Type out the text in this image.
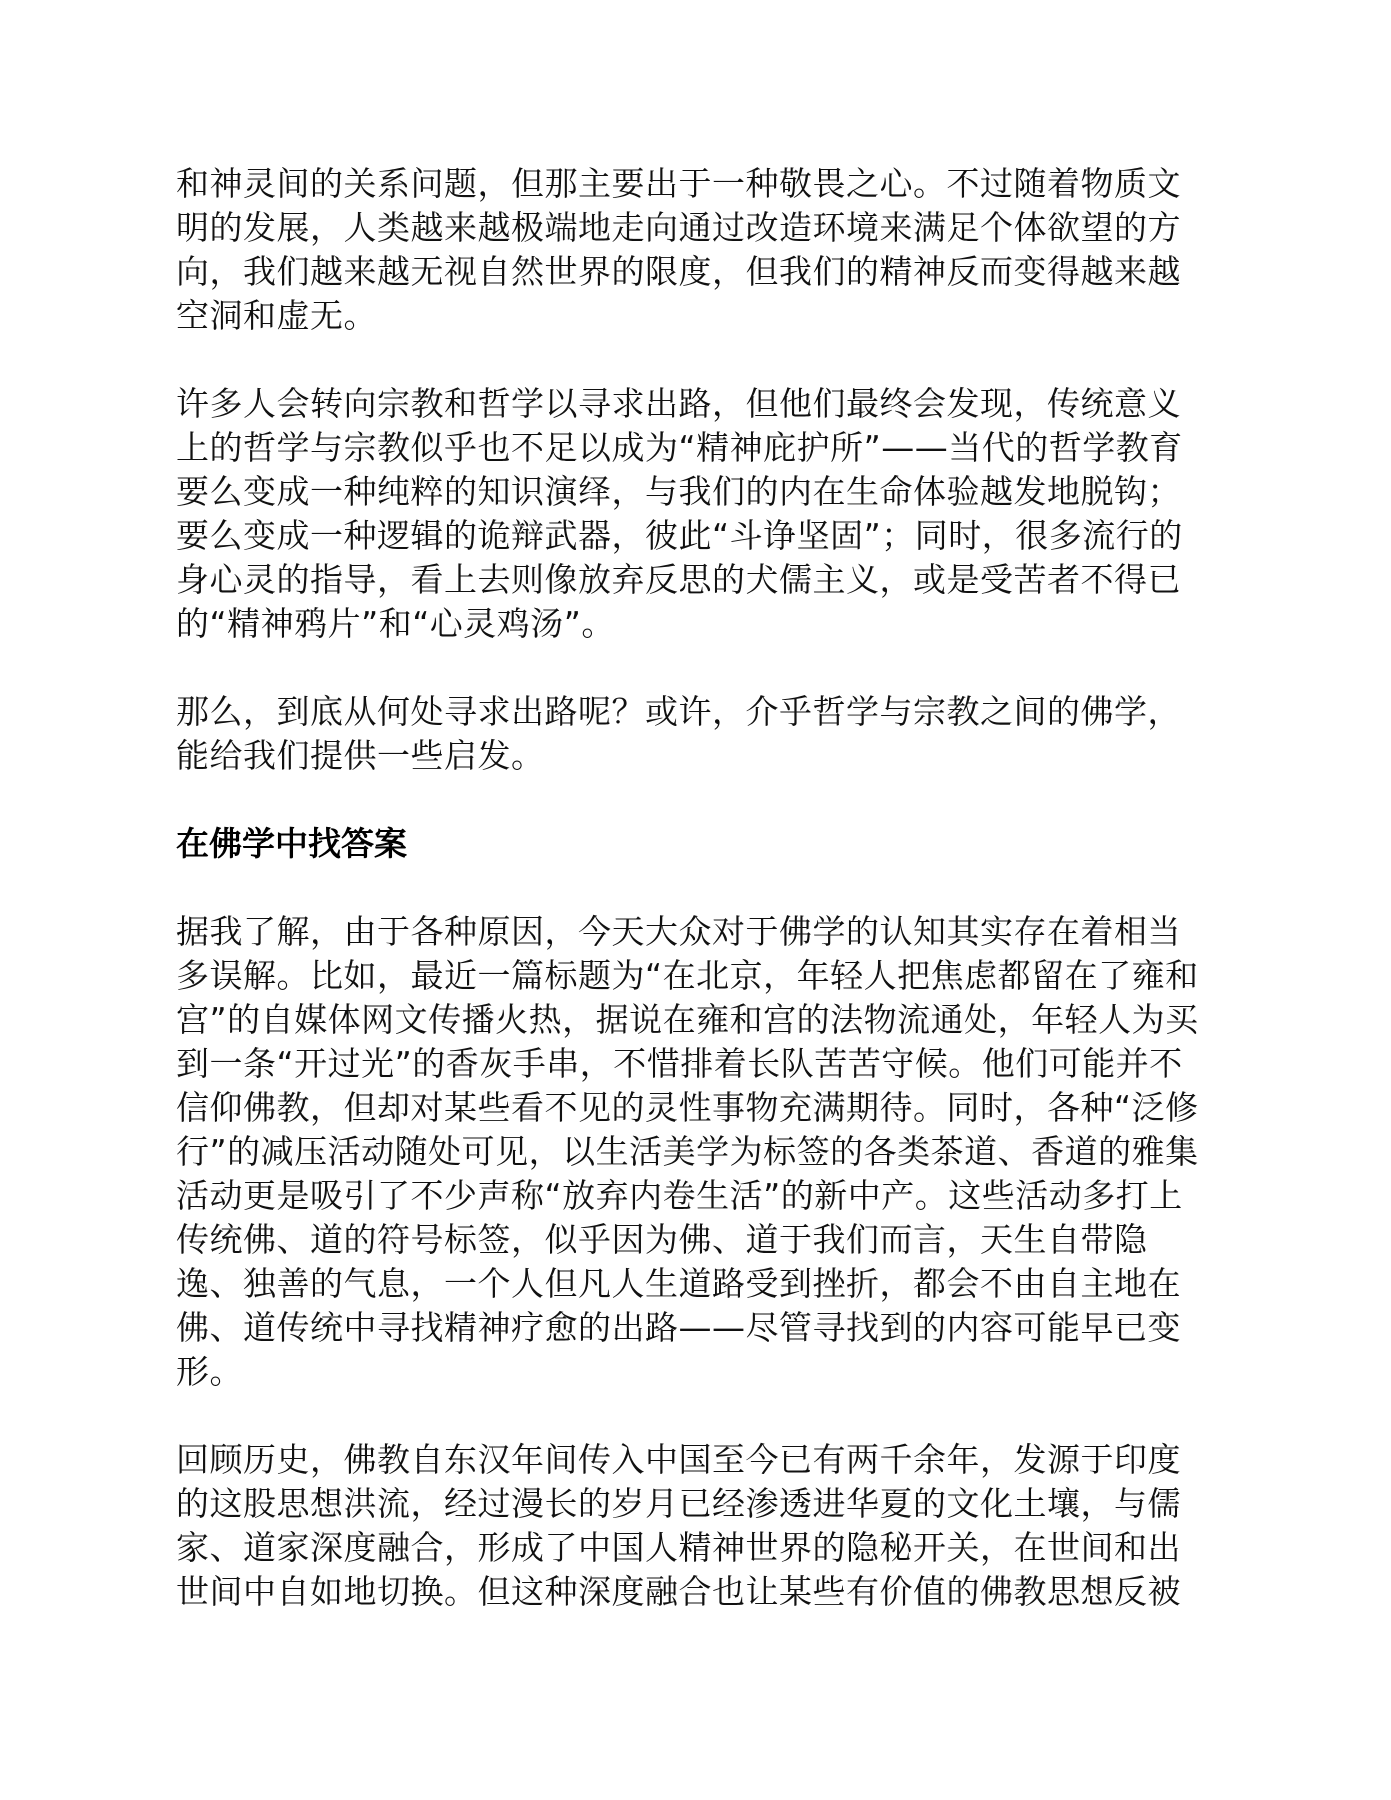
和神灵间的关系问题，但那主要出于一种敬畏之心。不过随着物质文
明的发展，人类越来越极端地走向通过改造环境来满足个体欲望的方
向，我们越来越无视自然世界的限度，但我们的精神反而变得越来越
空洞和虚无。
许多人会转向宗教和哲学以寻求出路，但他们最终会发现，传统意义
上的哲学与宗教似乎也不足以成为“精神庇护所”——当代的哲学教育
要么变成一种纯粹的知识演绎，与我们的内在生命体验越发地脱钩；
要么变成一种逻辑的诡辩武器，彼此“斗诤坚固”；同时，很多流行的
身心灵的指导，看上去则像放弃反思的犬儒主义，或是受苦者不得已
的“精神鸦片”和“心灵鸡汤”。
那么，到底从何处寻求出路呢？或许，介乎哲学与宗教之间的佛学，
能给我们提供一些启发。
在佛学中找答案
据我了解，由于各种原因，今天大众对于佛学的认知其实存在着相当
多误解。比如，最近一篇标题为“在北京，年轻人把焦虑都留在了雍和
宫”的自媒体网文传播火热，据说在雍和宫的法物流通处，年轻人为买
到一条“开过光”的香灰手串，不惜排着长队苦苦守候。他们可能并不
信仰佛教，但却对某些看不见的灵性事物充满期待。同时，各种“泛修
行”的减压活动随处可见，以生活美学为标签的各类茶道、香道的雅集
活动更是吸引了不少声称“放弃内卷生活”的新中产。这些活动多打上
传统佛、道的符号标签，似乎因为佛、道于我们而言，天生自带隐
逸、独善的气息，一个人但凡人生道路受到挫折，都会不由自主地在
佛、道传统中寻找精神疗愈的出路——尽管寻找到的内容可能早已变
形。
回顾历史，佛教自东汉年间传入中国至今已有两千余年，发源于印度
的这股思想洪流，经过漫长的岁月已经渗透进华夏的文化土壤，与儒
家、道家深度融合，形成了中国人精神世界的隐秘开关，在世间和出
世间中自如地切换。但这种深度融合也让某些有价值的佛教思想反被
